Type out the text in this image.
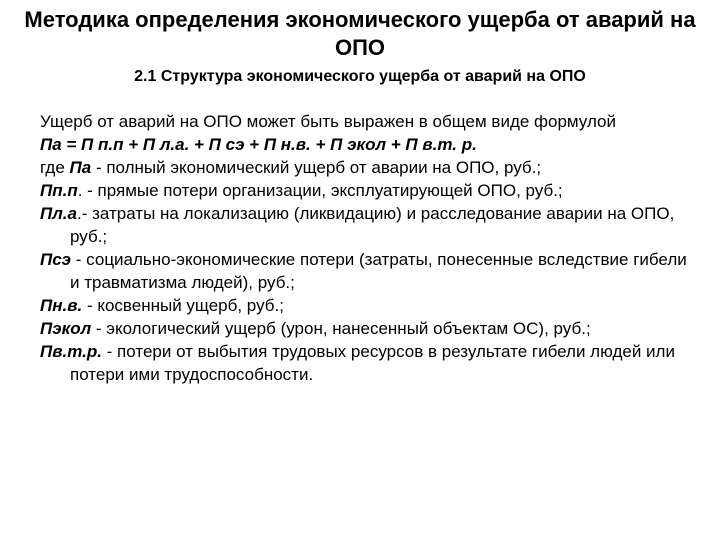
Методика определения экономического ущерба от аварий на ОПО
2.1 Структура экономического ущерба от аварий на ОПО

Ущерб от аварий на ОПО может быть выражен в общем виде формулой

Па = П п.п + П л.а. + П сэ + П н.в. + П экол + П в.т. р.

где Па - полный экономический ущерб от аварии на ОПО, руб.;

Пп.п. - прямые потери организации, эксплуатирующей ОПО, руб.;

Пл.а.- затраты на локализацию (ликвидацию) и расследование аварии на ОПО, руб.;

Псэ - социально-экономические потери (затраты, понесенные вследствие гибели и травматизма людей), руб.;

Пн.в. - косвенный ущерб, руб.;

Пэкол - экологический ущерб (урон, нанесенный объектам ОС), руб.;

Пв.т.р. - потери от выбытия трудовых ресурсов в результате гибели людей или потери ими трудоспособности.
